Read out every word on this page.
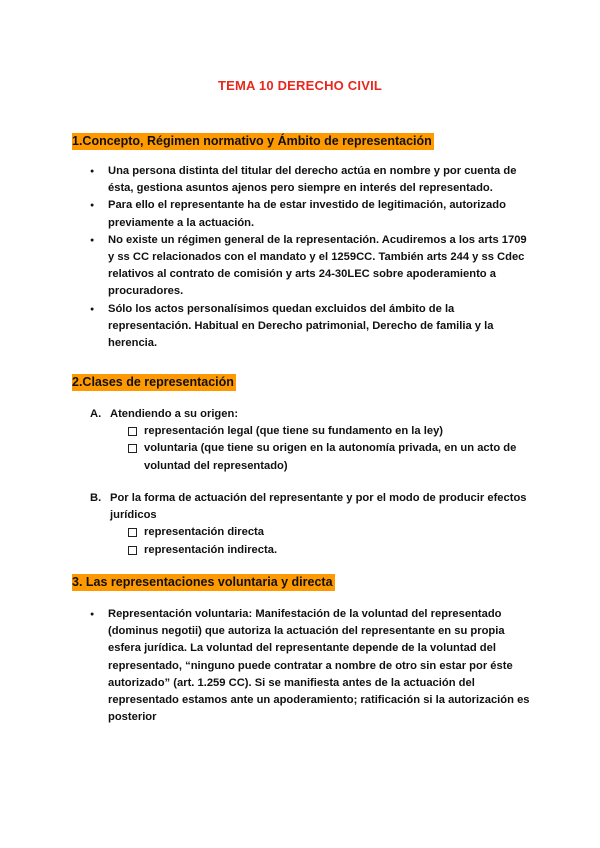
TEMA 10 DERECHO CIVIL
1.Concepto, Régimen normativo y Ámbito de representación
● Una persona distinta del titular del derecho actúa en nombre y por cuenta de ésta, gestiona asuntos ajenos pero siempre en interés del representado.
● Para ello el representante ha de estar investido de legitimación, autorizado previamente a la actuación.
● No existe un régimen general de la representación. Acudiremos a los arts 1709 y ss CC relacionados con el mandato y el 1259CC. También arts 244 y ss Cdec relativos al contrato de comisión y arts 24-30LEC sobre apoderamiento a procuradores.
● Sólo los actos personalísimos quedan excluidos del ámbito de la representación. Habitual en Derecho patrimonial, Derecho de familia y la herencia.
2.Clases de representación
A. Atendiendo a su origen:
representación legal (que tiene su fundamento en la ley)
voluntaria (que tiene su origen en la autonomía privada, en un acto de voluntad del representado)
B. Por la forma de actuación del representante y por el modo de producir efectos jurídicos
representación directa
representación indirecta.
3. Las representaciones voluntaria y directa
● Representación voluntaria: Manifestación de la voluntad del representado (dominus negotii) que autoriza la actuación del representante en su propia esfera jurídica. La voluntad del representante depende de la voluntad del representado, “ninguno puede contratar a nombre de otro sin estar por éste autorizado” (art. 1.259 CC). Si se manifiesta antes de la actuación del representado estamos ante un apoderamiento; ratificación si la autorización es posterior
